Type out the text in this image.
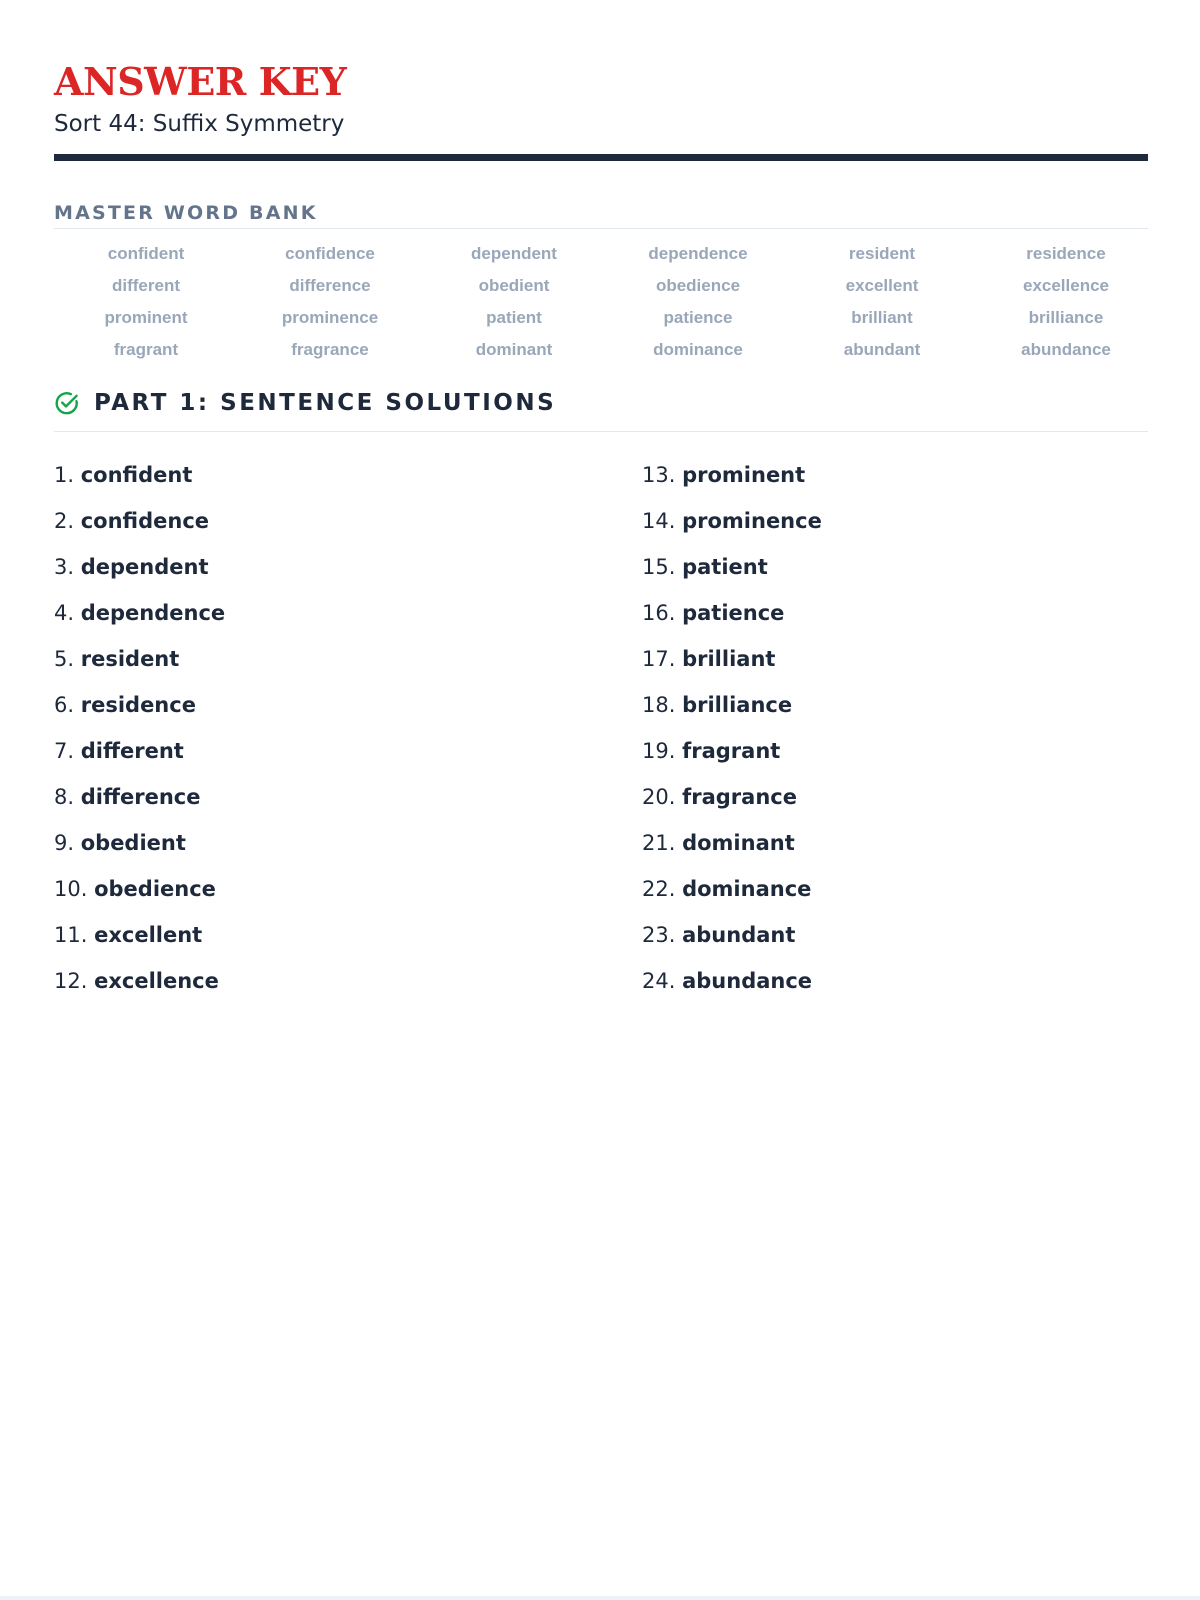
ANSWER KEY
Sort 44: Suffix Symmetry
MASTER WORD BANK
confident	confidence	dependent	dependence	resident	residence
different	difference	obedient	obedience	excellent	excellence
prominent	prominence	patient	patience	brilliant	brilliance
fragrant	fragrance	dominant	dominance	abundant	abundance
PART 1: SENTENCE SOLUTIONS
1. confident
2. confidence
3. dependent
4. dependence
5. resident
6. residence
7. different
8. difference
9. obedient
10. obedience
11. excellent
12. excellence
13. prominent
14. prominence
15. patient
16. patience
17. brilliant
18. brilliance
19. fragrant
20. fragrance
21. dominant
22. dominance
23. abundant
24. abundance
